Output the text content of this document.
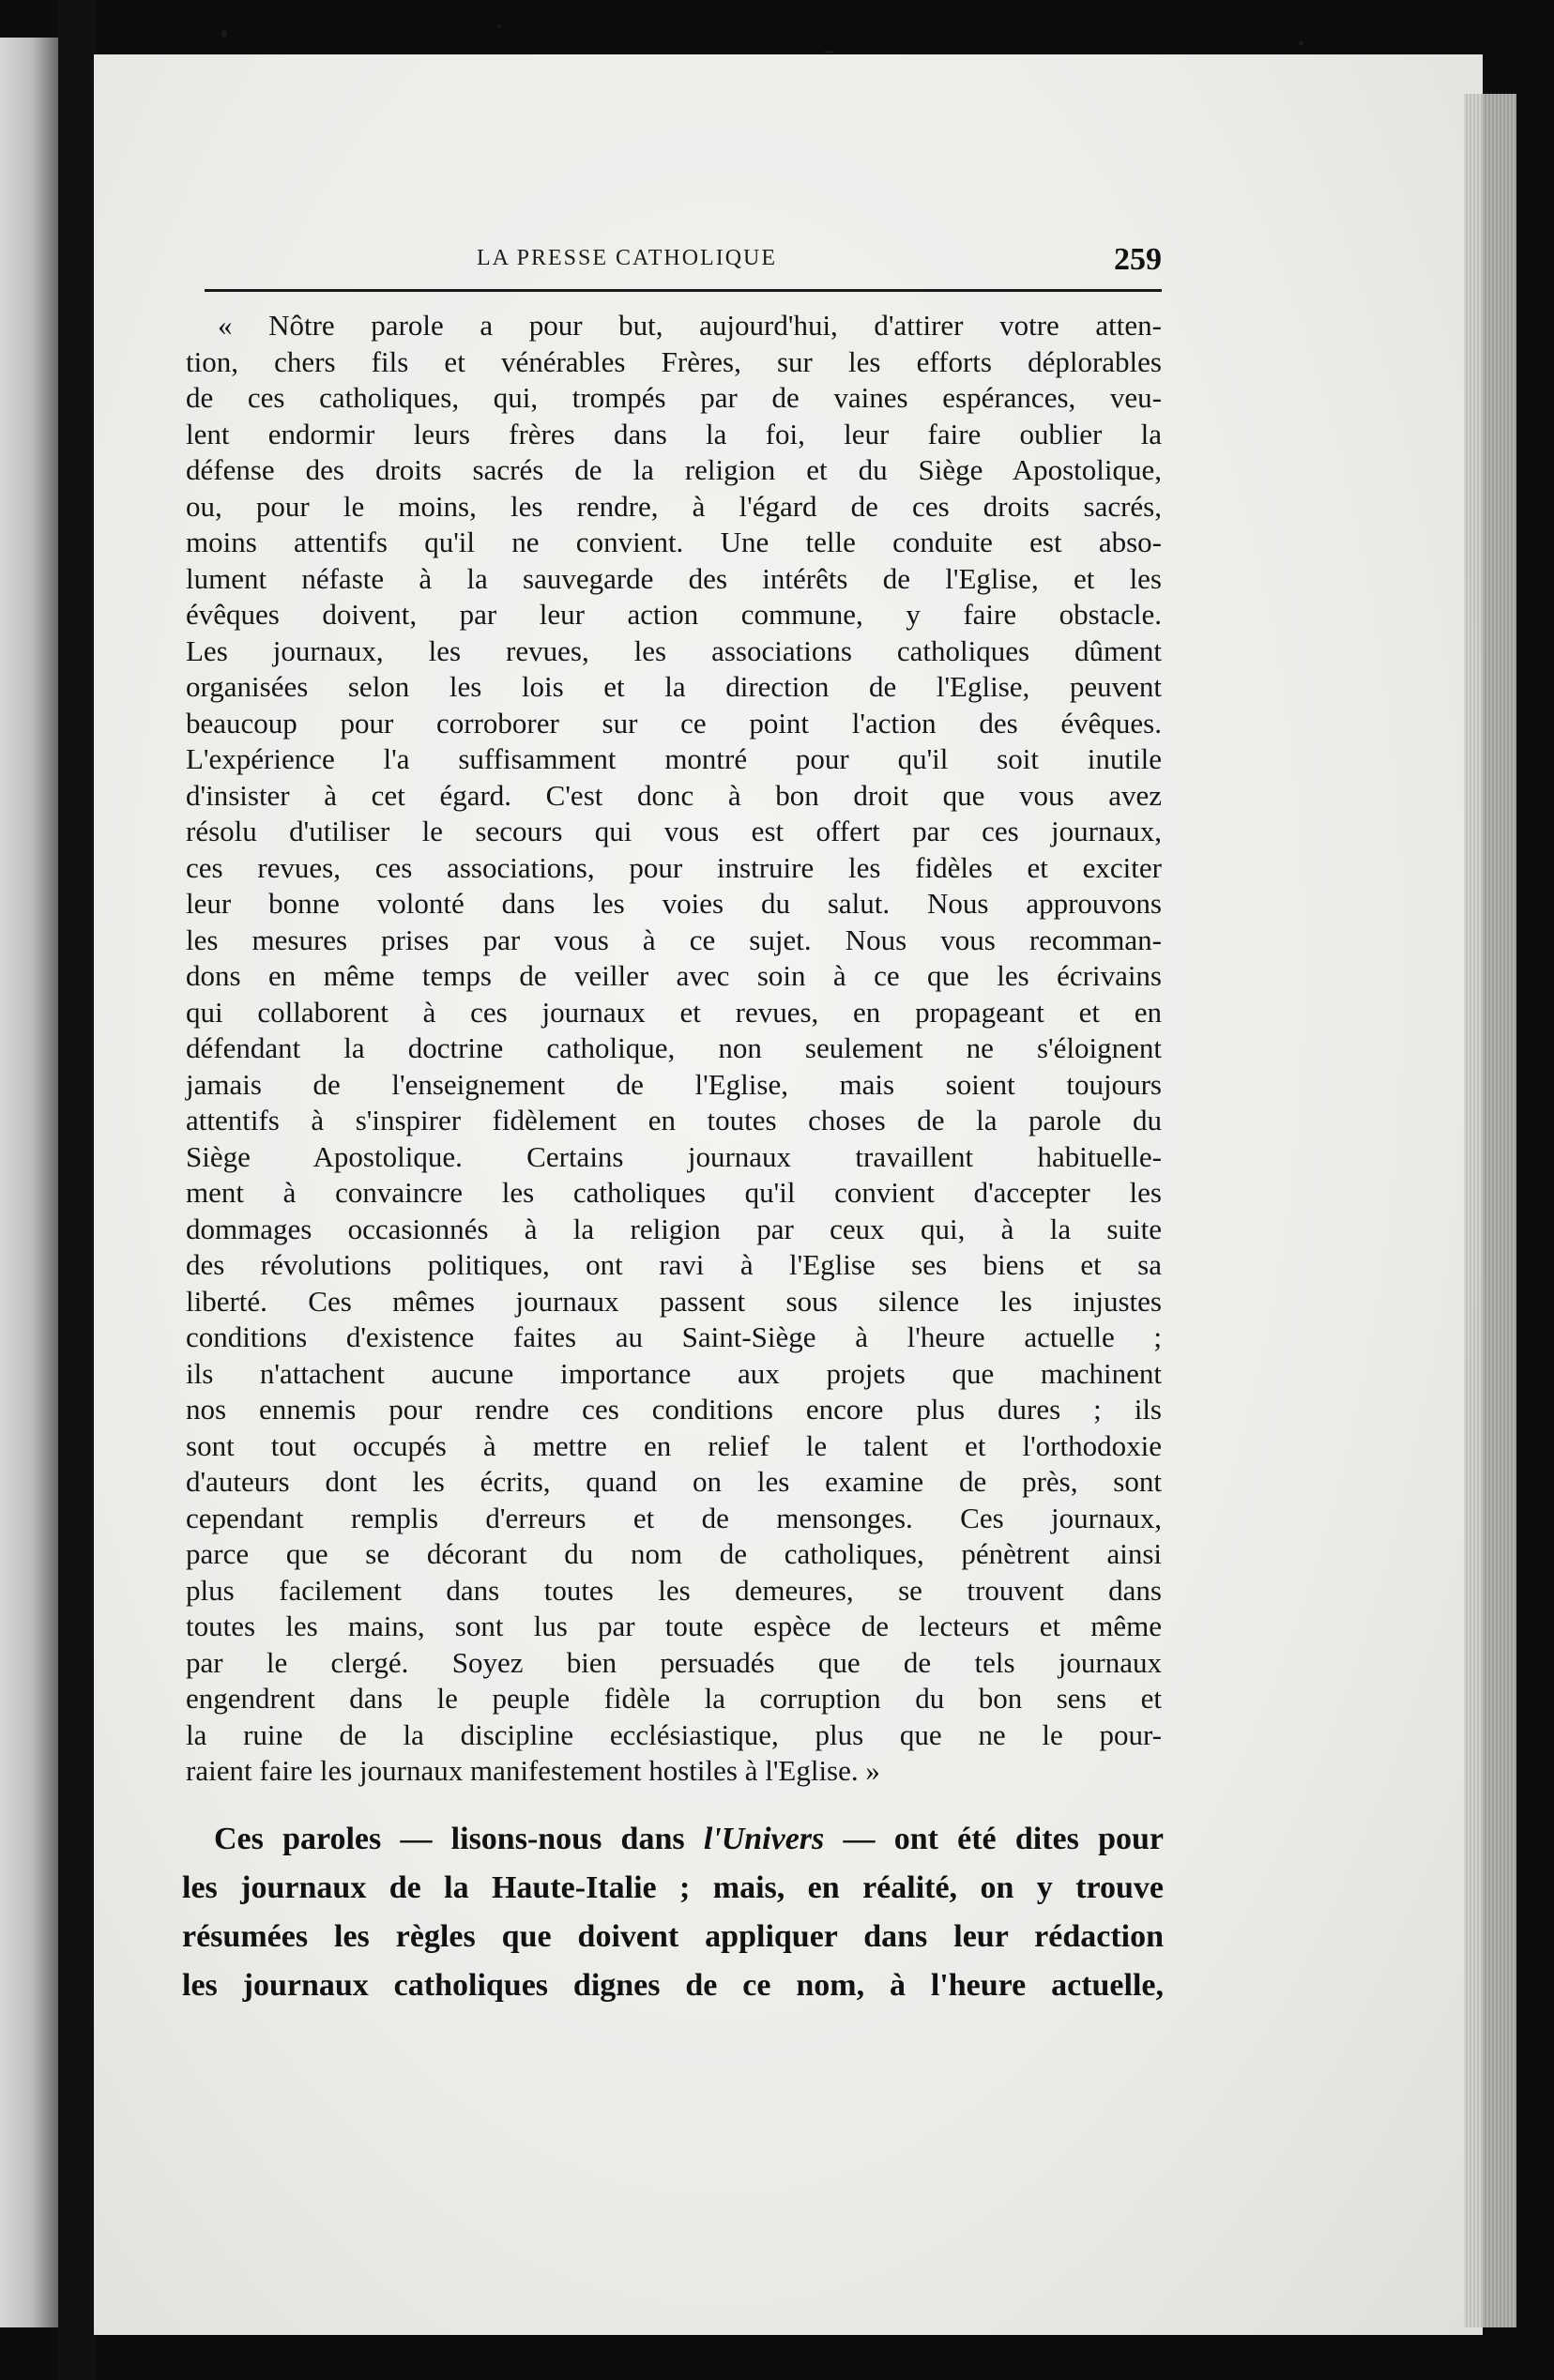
LA PRESSE CATHOLIQUE	259
« Nôtre parole a pour but, aujourd'hui, d'attirer votre atten-
tion, chers fils et vénérables Frères, sur les efforts déplorables
de ces catholiques, qui, trompés par de vaines espérances, veu-
lent endormir leurs frères dans la foi, leur faire oublier la
défense des droits sacrés de la religion et du Siège Apostolique,
ou, pour le moins, les rendre, à l'égard de ces droits sacrés,
moins attentifs qu'il ne convient. Une telle conduite est abso-
lument néfaste à la sauvegarde des intérêts de l'Eglise, et les
évêques doivent, par leur action commune, y faire obstacle.
Les journaux, les revues, les associations catholiques dûment
organisées selon les lois et la direction de l'Eglise, peuvent
beaucoup pour corroborer sur ce point l'action des évêques.
L'expérience l'a suffisamment montré pour qu'il soit inutile
d'insister à cet égard. C'est donc à bon droit que vous avez
résolu d'utiliser le secours qui vous est offert par ces journaux,
ces revues, ces associations, pour instruire les fidèles et exciter
leur bonne volonté dans les voies du salut. Nous approuvons
les mesures prises par vous à ce sujet. Nous vous recomman-
dons en même temps de veiller avec soin à ce que les écrivains
qui collaborent à ces journaux et revues, en propageant et en
défendant la doctrine catholique, non seulement ne s'éloignent
jamais de l'enseignement de l'Eglise, mais soient toujours
attentifs à s'inspirer fidèlement en toutes choses de la parole du
Siège Apostolique. Certains journaux travaillent habituelle-
ment à convaincre les catholiques qu'il convient d'accepter les
dommages occasionnés à la religion par ceux qui, à la suite
des révolutions politiques, ont ravi à l'Eglise ses biens et sa
liberté. Ces mêmes journaux passent sous silence les injustes
conditions d'existence faites au Saint-Siège à l'heure actuelle ;
ils n'attachent aucune importance aux projets que machinent
nos ennemis pour rendre ces conditions encore plus dures ; ils
sont tout occupés à mettre en relief le talent et l'orthodoxie
d'auteurs dont les écrits, quand on les examine de près, sont
cependant remplis d'erreurs et de mensonges. Ces journaux,
parce que se décorant du nom de catholiques, pénètrent ainsi
plus facilement dans toutes les demeures, se trouvent dans
toutes les mains, sont lus par toute espèce de lecteurs et même
par le clergé. Soyez bien persuadés que de tels journaux
engendrent dans le peuple fidèle la corruption du bon sens et
la ruine de la discipline ecclésiastique, plus que ne le pour-
raient faire les journaux manifestement hostiles à l'Eglise. »
Ces paroles — lisons-nous dans l'Univers — ont été dites pour
les journaux de la Haute-Italie ; mais, en réalité, on y trouve
résumées les règles que doivent appliquer dans leur rédaction
les journaux catholiques dignes de ce nom, à l'heure actuelle,
